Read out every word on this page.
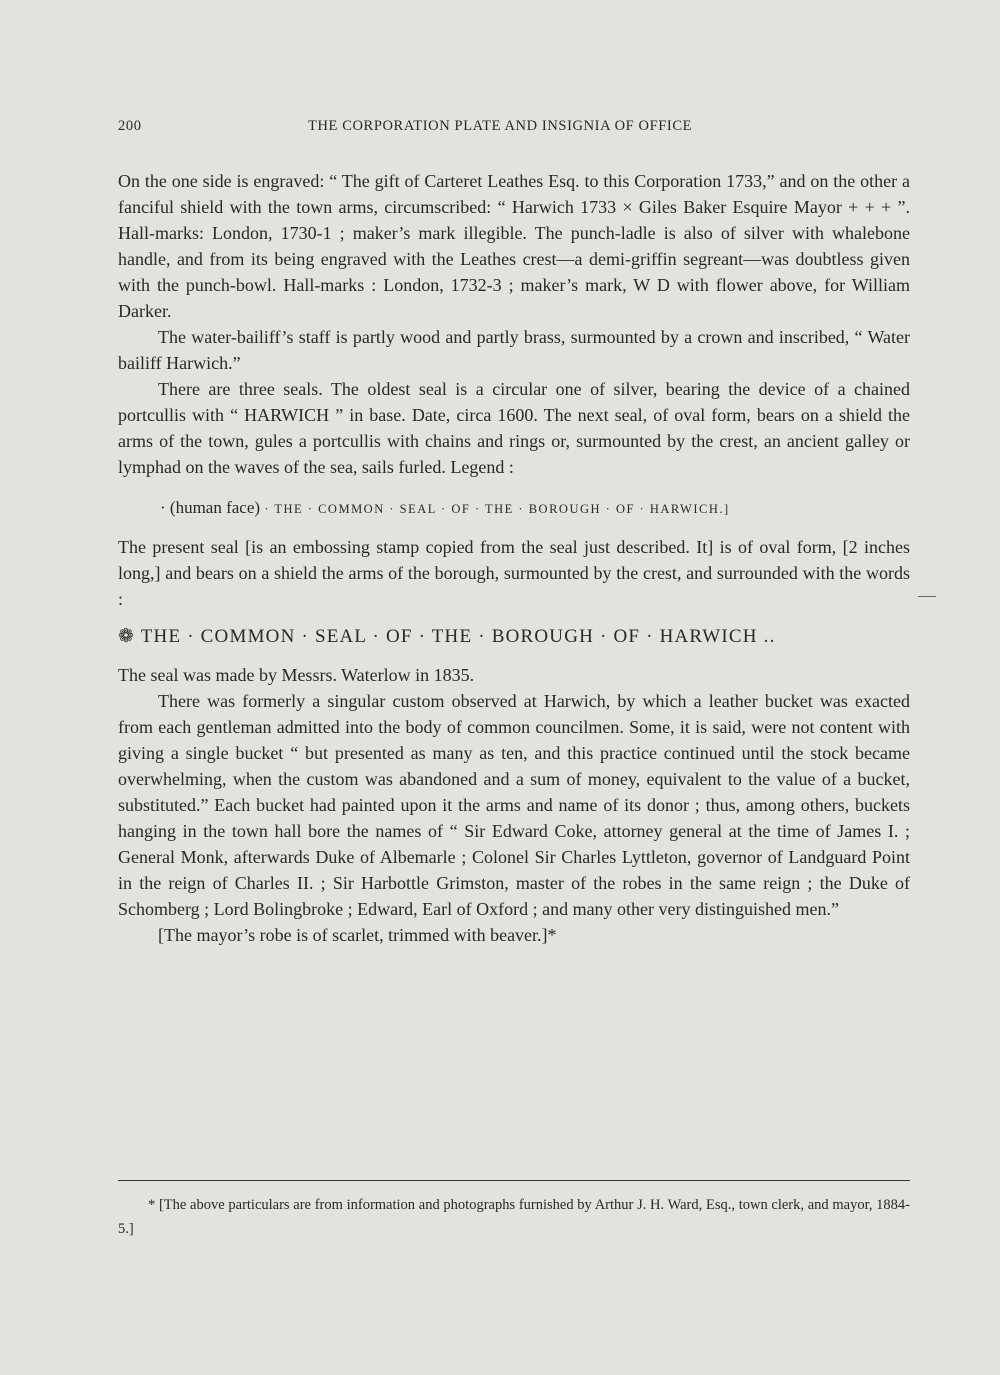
200	THE CORPORATION PLATE AND INSIGNIA OF OFFICE

On the one side is engraved: “ The gift of Carteret Leathes Esq. to this Corporation 1733,” and on the other a fanciful shield with the town arms, circumscribed: “ Harwich 1733 × Giles Baker Esquire Mayor + + + ”. Hall-marks: London, 1730-1 ; maker’s mark illegible. The punch-ladle is also of silver with whalebone handle, and from its being engraved with the Leathes crest—a demi-griffin segreant—was doubtless given with the punch-bowl. Hall-marks : London, 1732-3 ; maker’s mark, W D with flower above, for William Darker.

The water-bailiff’s staff is partly wood and partly brass, surmounted by a crown and inscribed, “ Water bailiff Harwich.”

There are three seals. The oldest seal is a circular one of silver, bearing the device of a chained portcullis with “ HARWICH ” in base. Date, circa 1600. The next seal, of oval form, bears on a shield the arms of the town, gules a portcullis with chains and rings or, surmounted by the crest, an ancient galley or lymphad on the waves of the sea, sails furled. Legend :

· (human face) · THE · COMMON · SEAL · OF · THE · BOROUGH · OF · HARWICH.]

The present seal [is an embossing stamp copied from the seal just described. It] is of oval form, [2 inches long,] and bears on a shield the arms of the borough, surmounted by the crest, and surrounded with the words :

❁ THE · COMMON · SEAL · OF · THE · BOROUGH · OF · HARWICH ..

The seal was made by Messrs. Waterlow in 1835.

There was formerly a singular custom observed at Harwich, by which a leather bucket was exacted from each gentleman admitted into the body of common councilmen. Some, it is said, were not content with giving a single bucket “ but presented as many as ten, and this practice continued until the stock became overwhelming, when the custom was abandoned and a sum of money, equivalent to the value of a bucket, substituted.” Each bucket had painted upon it the arms and name of its donor ; thus, among others, buckets hanging in the town hall bore the names of “ Sir Edward Coke, attorney general at the time of James I. ; General Monk, afterwards Duke of Albemarle ; Colonel Sir Charles Lyttleton, governor of Landguard Point in the reign of Charles II. ; Sir Harbottle Grimston, master of the robes in the same reign ; the Duke of Schomberg ; Lord Bolingbroke ; Edward, Earl of Oxford ; and many other very distinguished men.”

[The mayor’s robe is of scarlet, trimmed with beaver.]*

* [The above particulars are from information and photographs furnished by Arthur J. H. Ward, Esq., town clerk, and mayor, 1884-5.]
